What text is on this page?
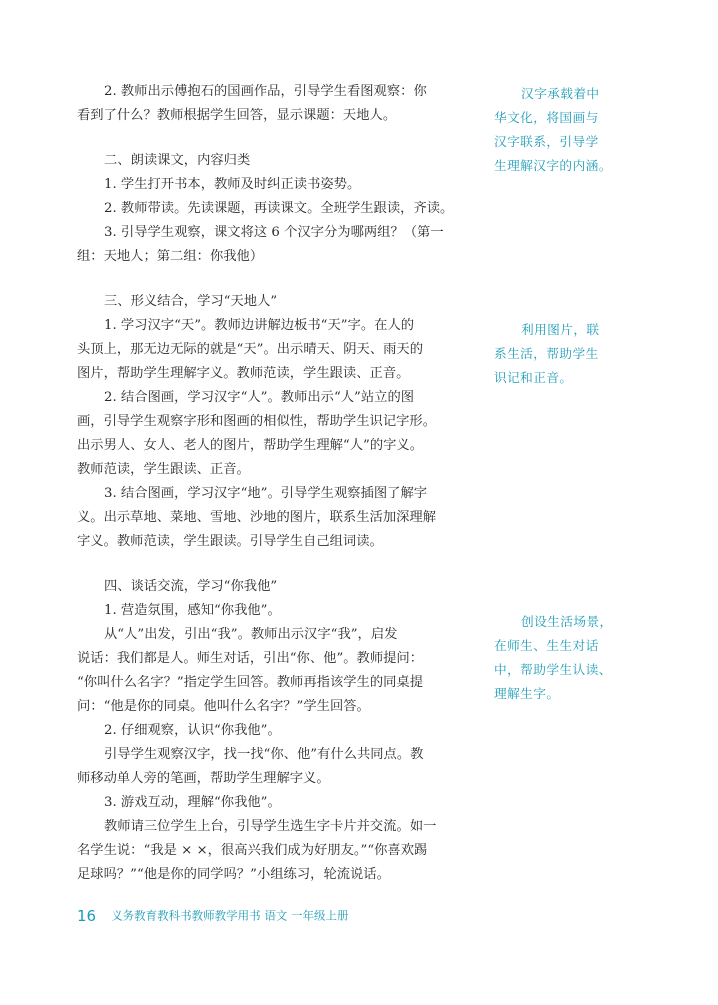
2. 教师出示傅抱石的国画作品，引导学生看图观察：你

看到了什么？教师根据学生回答，显示课题：天地人。

二、朗读课文，内容归类

1. 学生打开书本，教师及时纠正读书姿势。

2. 教师带读。先读课题，再读课文。全班学生跟读，齐读。

3. 引导学生观察，课文将这 6 个汉字分为哪两组？（第一

组：天地人；第二组：你我他）

三、形义结合，学习“天地人”

1. 学习汉字“天”。教师边讲解边板书“天”字。在人的

头顶上，那无边无际的就是“天”。出示晴天、阴天、雨天的

图片，帮助学生理解字义。教师范读，学生跟读、正音。

2. 结合图画，学习汉字“人”。教师出示“人”站立的图

画，引导学生观察字形和图画的相似性，帮助学生识记字形。

出示男人、女人、老人的图片，帮助学生理解“人”的字义。

教师范读，学生跟读、正音。

3. 结合图画，学习汉字“地”。引导学生观察插图了解字

义。出示草地、菜地、雪地、沙地的图片，联系生活加深理解

字义。教师范读，学生跟读。引导学生自己组词读。

四、谈话交流，学习“你我他”

1. 营造氛围，感知“你我他”。

从“人”出发，引出“我”。教师出示汉字“我”，启发

说话：我们都是人。师生对话，引出“你、他”。教师提问：

“你叫什么名字？”指定学生回答。教师再指该学生的同桌提

问：“他是你的同桌。他叫什么名字？”学生回答。

2. 仔细观察，认识“你我他”。

引导学生观察汉字，找一找“你、他”有什么共同点。教

师移动单人旁的笔画，帮助学生理解字义。

3. 游戏互动，理解“你我他”。

教师请三位学生上台，引导学生选生字卡片并交流。如一

名学生说：“我是 × ×，很高兴我们成为好朋友。”“你喜欢踢

足球吗？”“他是你的同学吗？”小组练习，轮流说话。

汉字承载着中

华文化，将国画与

汉字联系，引导学

生理解汉字的内涵。

利用图片，联

系生活，帮助学生

识记和正音。

创设生活场景，

在师生、生生对话

中，帮助学生认读、

理解生字。

16 义务教育教科书教师教学用书 语文 一年级上册
